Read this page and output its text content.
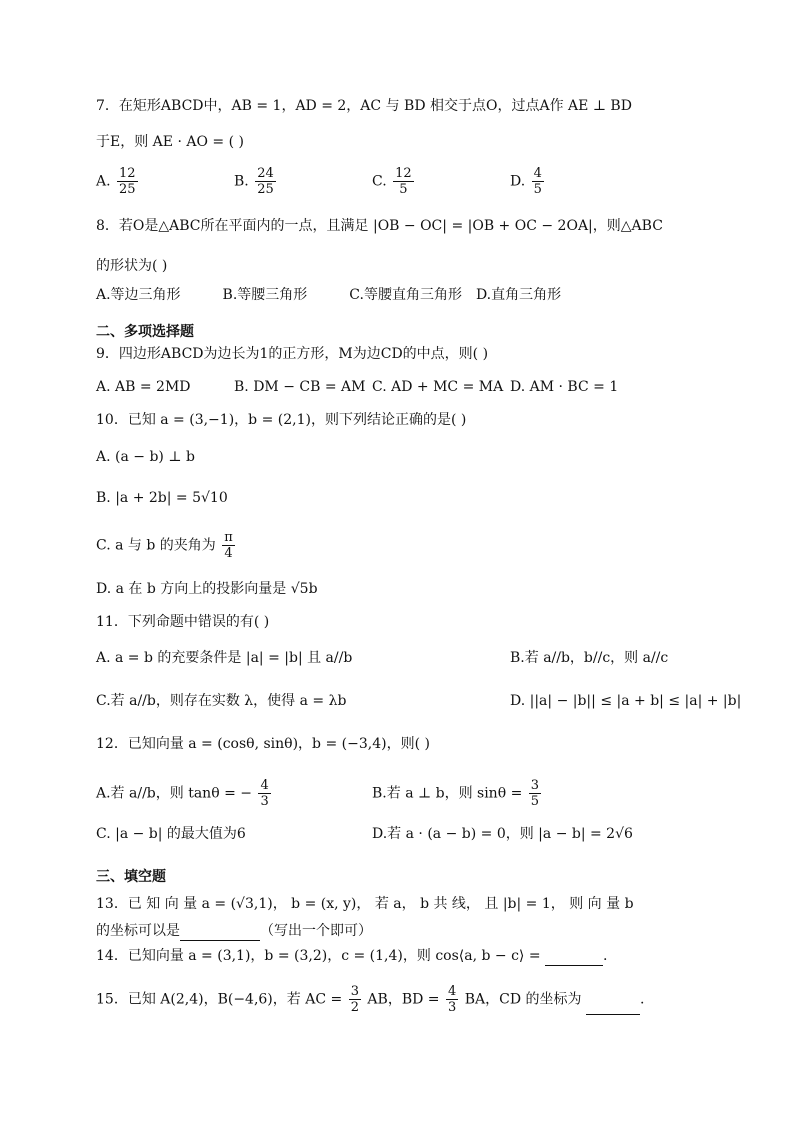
7．在矩形ABCD中，AB = 1，AD = 2，AC 与 BD 相交于点O，过点A作 AE ⊥ BD
于E，则 AE · AO = ( )
A. $\frac{12}{25}$	B. $\frac{24}{25}$	C. $\frac{12}{5}$	D. $\frac{4}{5}$
8．若O是△ABC所在平面内的一点，且满足 |OB − OC| = |OB + OC − 2OA|，则△ABC
的形状为( )
A.等边三角形　　　B.等腰三角形　　　C.等腰直角三角形　D.直角三角形
二、多项选择题
9．四边形ABCD为边长为1的正方形，M为边CD的中点，则( )
A. AB = 2MD	B. DM − CB = AM C. AD + MC = MA D. AM · BC = 1
10．已知 a = (3,−1)，b = (2,1)，则下列结论正确的是( )
A. (a − b) ⊥ b
B. |a + 2b| = 5√10
C. a 与 b 的夹角为 $\frac{\pi}{4}$
D. a 在 b 方向上的投影向量是 √5b
11．下列命题中错误的有( )
A. a = b 的充要条件是 |a| = |b| 且 a//b	B.若 a//b，b//c，则 a//c
C.若 a//b，则存在实数 λ，使得 a = λb	D. ||a| − |b|| ≤ |a + b| ≤ |a| + |b|
12．已知向量 a = (cosθ, sinθ)，b = (−3,4)，则( )
A.若 a//b，则 tanθ = − $\frac{4}{3}$	B.若 a ⊥ b，则 $\sin\theta = \frac{3}{5}$
C. |a − b| 的最大值为6	D.若 a · (a − b) = 0，则 |a − b| = 2√6
三、填空题
13．已 知 向 量 a = (√3,1)， b = (x, y)， 若 a， b 共 线， 且 |b| = 1， 则 向 量 b
的坐标可以是	（写出一个即可）
14．已知向量 a = (3,1)，b = (3,2)，c = (1,4)，则 cos⟨a, b − c⟩ =	.
15．已知 A(2,4)，B(−4,6)，若 AC = $\frac{3}{2}$ AB，BD = $\frac{4}{3}$ BA，CD 的坐标为	.
